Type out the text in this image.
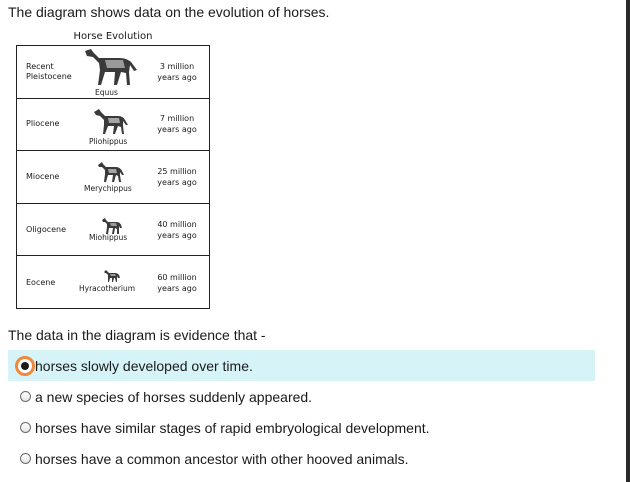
The diagram shows data on the evolution of horses.
Horse Evolution
Recent Pleistocene
Equus
3 million years ago
Pliocene
Pliohippus
7 million years ago
Miocene
Merychippus
25 million years ago
Oligocene
Miohippus
40 million years ago
Eocene
Hyracotherium
60 million years ago
The data in the diagram is evidence that -
horses slowly developed over time.
a new species of horses suddenly appeared.
horses have similar stages of rapid embryological development.
horses have a common ancestor with other hooved animals.
